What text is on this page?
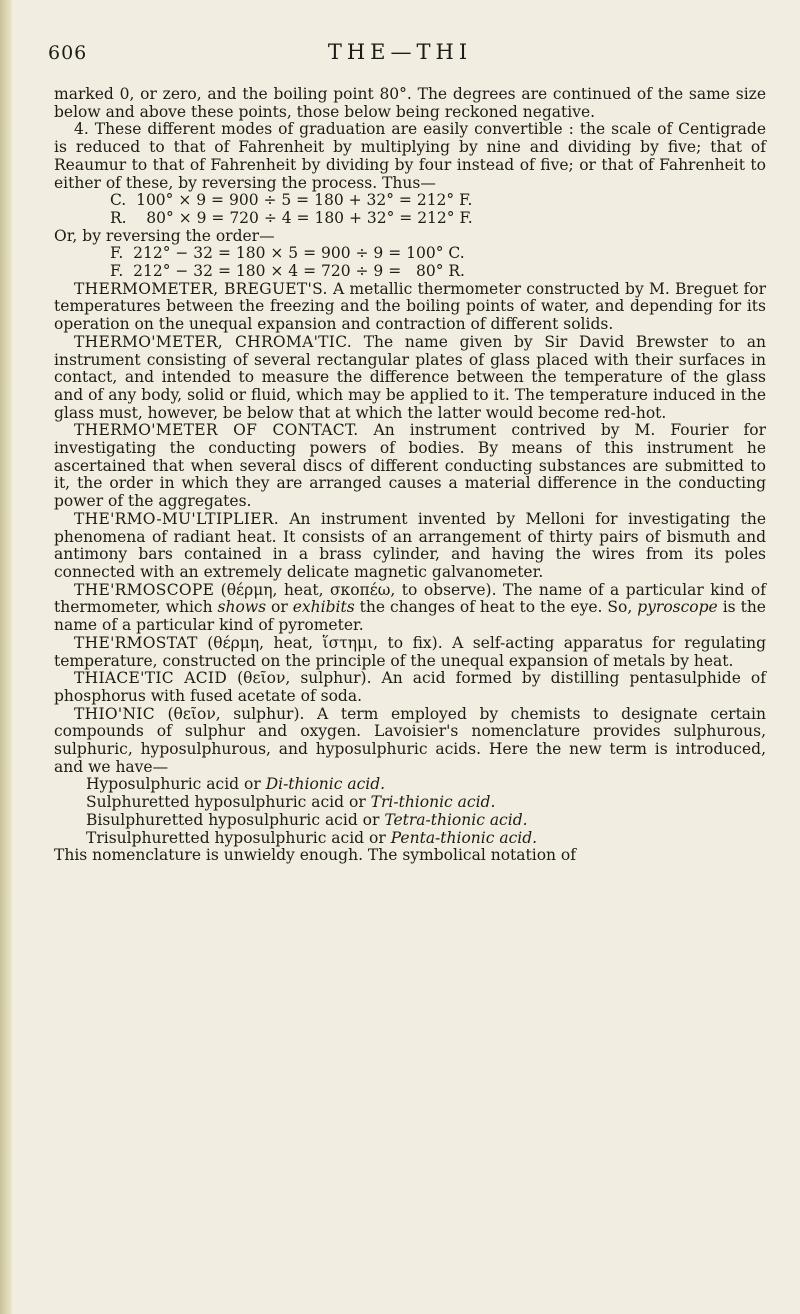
606	THE—THI

marked 0, or zero, and the boiling point 80°. The degrees are continued of the same size below and above these points, those below being reckoned negative.

4. These different modes of graduation are easily convertible : the scale of Centigrade is reduced to that of Fahrenheit by multiplying by nine and dividing by five; that of Reaumur to that of Fahrenheit by dividing by four instead of five; or that of Fahrenheit to either of these, by reversing the process. Thus—

C.  100° × 9 = 900 ÷ 5 = 180 + 32° = 212° F.

R.    80° × 9 = 720 ÷ 4 = 180 + 32° = 212° F.

Or, by reversing the order—

F.  212° − 32 = 180 × 5 = 900 ÷ 9 = 100° C.

F.  212° − 32 = 180 × 4 = 720 ÷ 9 =   80° R.

THERMOMETER, BREGUET'S. A metallic thermometer constructed by M. Breguet for temperatures between the freezing and the boiling points of water, and depending for its operation on the unequal expansion and contraction of different solids.

THERMO'METER, CHROMA'TIC. The name given by Sir David Brewster to an instrument consisting of several rectangular plates of glass placed with their surfaces in contact, and intended to measure the difference between the temperature of the glass and of any body, solid or fluid, which may be applied to it. The temperature induced in the glass must, however, be below that at which the latter would become red-hot.

THERMO'METER OF CONTACT. An instrument contrived by M. Fourier for investigating the conducting powers of bodies. By means of this instrument he ascertained that when several discs of different conducting substances are submitted to it, the order in which they are arranged causes a material difference in the conducting power of the aggregates.

THE'RMO-MU'LTIPLIER. An instrument invented by Melloni for investigating the phenomena of radiant heat. It consists of an arrangement of thirty pairs of bismuth and antimony bars contained in a brass cylinder, and having the wires from its poles connected with an extremely delicate magnetic galvanometer.

THE'RMOSCOPE (θέρμη, heat, σκοπέω, to observe). The name of a particular kind of thermometer, which shows or exhibits the changes of heat to the eye. So, pyroscope is the name of a particular kind of pyrometer.

THE'RMOSTAT (θέρμη, heat, ἵστημι, to fix). A self-acting apparatus for regulating temperature, constructed on the principle of the unequal expansion of metals by heat.

THIACE'TIC ACID (θεῖον, sulphur). An acid formed by distilling pentasulphide of phosphorus with fused acetate of soda.

THIO'NIC (θεῖον, sulphur). A term employed by chemists to designate certain compounds of sulphur and oxygen. Lavoisier's nomenclature provides sulphurous, sulphuric, hyposulphurous, and hyposulphuric acids. Here the new term is introduced, and we have—

Hyposulphuric acid or Di-thionic acid.

Sulphuretted hyposulphuric acid or Tri-thionic acid.

Bisulphuretted hyposulphuric acid or Tetra-thionic acid.

Trisulphuretted hyposulphuric acid or Penta-thionic acid.

This nomenclature is unwieldy enough. The symbolical notation of
